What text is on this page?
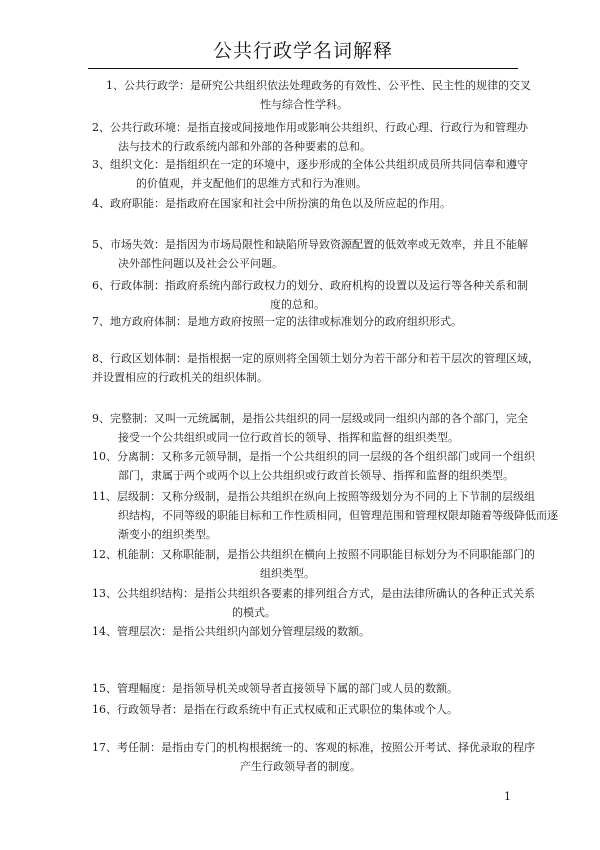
公共行政学名词解释
1、公共行政学：是研究公共组织依法处理政务的有效性、公平性、民主性的规律的交叉
性与综合性学科。
2、公共行政环境：是指直接或间接地作用或影响公共组织、行政心理、行政行为和管理办
法与技术的行政系统内部和外部的各种要素的总和。
3、组织文化：是指组织在一定的环境中，逐步形成的全体公共组织成员所共同信奉和遵守
的价值观，并支配他们的思维方式和行为准则。
4、政府职能：是指政府在国家和社会中所扮演的角色以及所应起的作用。
5、市场失效：是指因为市场局限性和缺陷所导致资源配置的低效率或无效率，并且不能解
决外部性问题以及社会公平问题。
6、行政体制：指政府系统内部行政权力的划分、政府机构的设置以及运行等各种关系和制
度的总和。
7、地方政府体制：是地方政府按照一定的法律或标准划分的政府组织形式。
8、行政区划体制：是指根据一定的原则将全国领土划分为若干部分和若干层次的管理区域，
并设置相应的行政机关的组织体制。
9、完整制：又叫一元统属制，是指公共组织的同一层级或同一组织内部的各个部门，完全
接受一个公共组织或同一位行政首长的领导、指挥和监督的组织类型。
10、分离制：又称多元领导制，是指一个公共组织的同一层级的各个组织部门或同一个组织
部门，隶属于两个或两个以上公共组织或行政首长领导、指挥和监督的组织类型。
11、层级制：又称分级制，是指公共组织在纵向上按照等级划分为不同的上下节制的层级组
织结构，不同等级的职能目标和工作性质相同，但管理范围和管理权限却随着等级降低而逐
渐变小的组织类型。
12、机能制：又称职能制，是指公共组织在横向上按照不同职能目标划分为不同职能部门的
组织类型。
13、公共组织结构：是指公共组织各要素的排列组合方式，是由法律所确认的各种正式关系
的模式。
14、管理层次：是指公共组织内部划分管理层级的数额。
15、管理幅度：是指领导机关或领导者直接领导下属的部门或人员的数额。
16、行政领导者：是指在行政系统中有正式权威和正式职位的集体或个人。
17、考任制：是指由专门的机构根据统一的、客观的标准，按照公开考试、择优录取的程序
产生行政领导者的制度。
1
